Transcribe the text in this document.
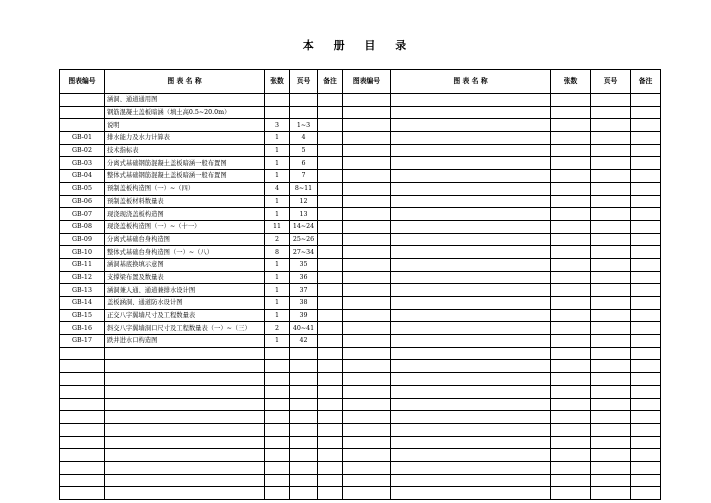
本 册 目 录
图表编号	图 表 名 称	张数	页号	备注	图表编号	图 表 名 称	张数	页号	备注
	涵洞、通道通用图								
	钢筋混凝土盖板暗涵（填土高0.5~20.0m）								
	说明	3	1~3						
GB-01	排水能力及水力计算表	1	4						
GB-02	技术指标表	1	5						
GB-03	分离式基础钢筋混凝土盖板暗涵一般布置图	1	6						
GB-04	整体式基础钢筋混凝土盖板暗涵一般布置图	1	7						
GB-05	预制盖板构造图（一）~（四）	4	8~11						
GB-06	预制盖板材料数量表	1	12						
GB-07	现浇现浇盖板构造图	1	13						
GB-08	现浇盖板构造图（一）~（十一）	11	14~24						
GB-09	分离式基础台身构造图	2	25~26						
GB-10	整体式基础台身构造图（一）~（八）	8	27~34						
GB-11	涵洞基底换填示意图	1	35						
GB-12	支撑梁布置及数量表	1	36						
GB-13	涵洞兼人通、通道兼排水设计图	1	37						
GB-14	盖板涵洞、通道防水设计图	1	38						
GB-15	正交八字翼墙尺寸及工程数量表	1	39						
GB-16	斜交八字翼墙洞口尺寸及工程数量表（一）~（三）	2	40~41						
GB-17	跌井进水口构造图	1	42						
